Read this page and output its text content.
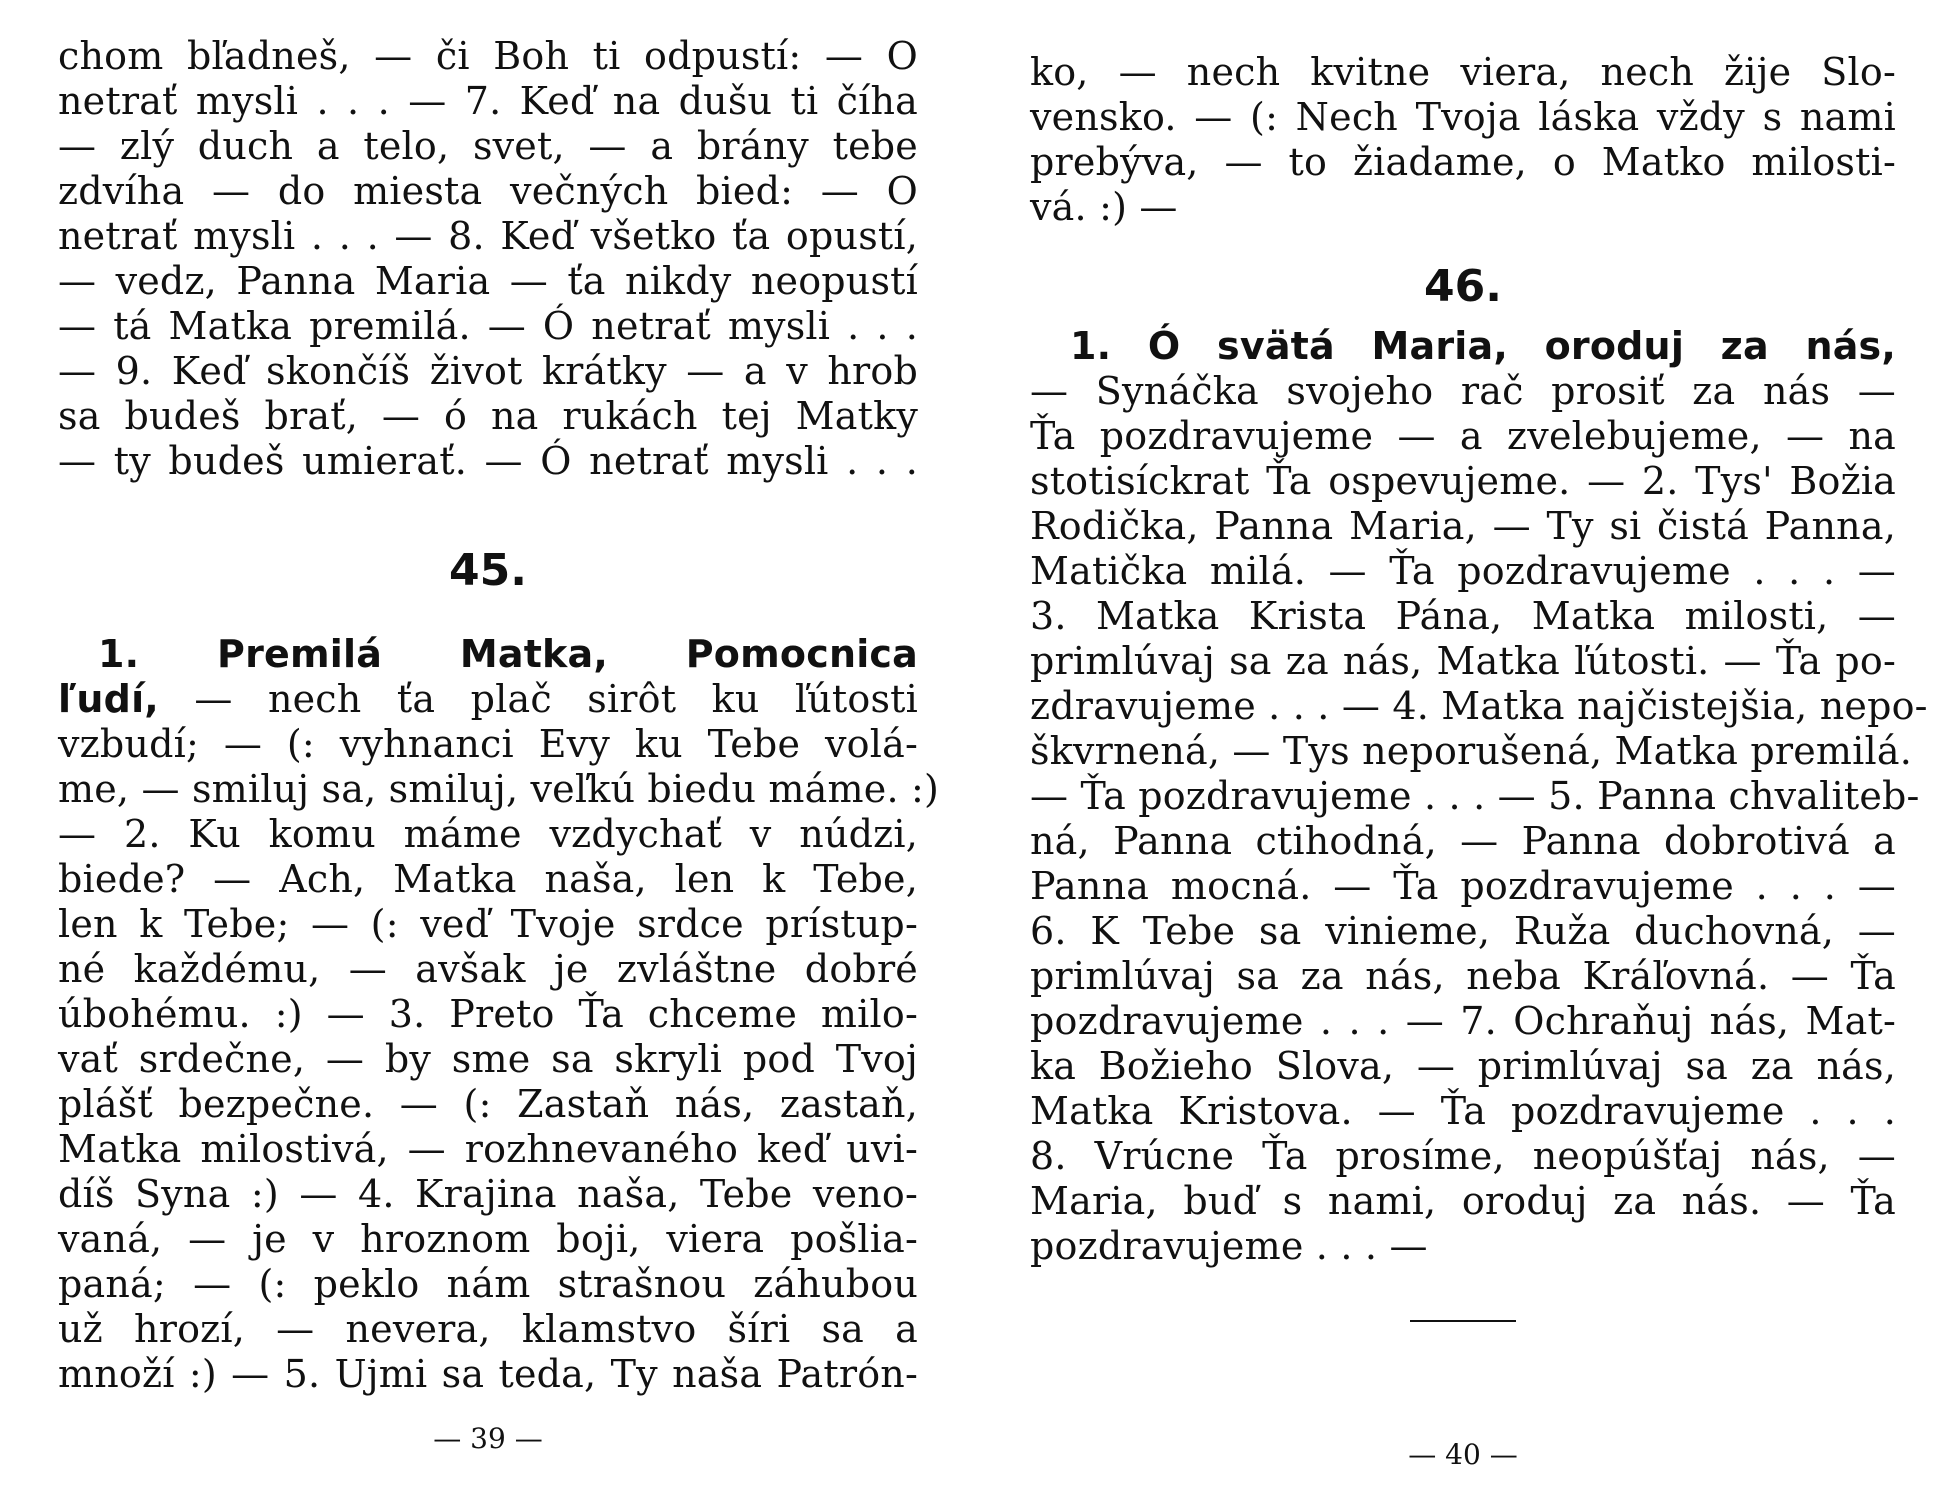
chom bľadneš, — či Boh ti odpustí: — O
netrať mysli . . . — 7. Keď na dušu ti číha
— zlý duch a telo, svet, — a brány tebe
zdvíha — do miesta večných bied: — O
netrať mysli . . . — 8. Keď všetko ťa opustí,
— vedz, Panna Maria — ťa nikdy neopustí
— tá Matka premilá. — Ó netrať mysli . . .
— 9. Keď skončíš život krátky — a v hrob
sa budeš brať, — ó na rukách tej Matky
— ty budeš umierať. — Ó netrať mysli . . .
45.
1. Premilá Matka, Pomocnica
ľudí, — nech ťa plač sirôt ku ľútosti
vzbudí; — (: vyhnanci Evy ku Tebe volá-
me, — smiluj sa, smiluj, veľkú biedu máme. :)
— 2. Ku komu máme vzdychať v núdzi,
biede? — Ach, Matka naša, len k Tebe,
len k Tebe; — (: veď Tvoje srdce prístup-
né každému, — avšak je zvláštne dobré
úbohému. :) — 3. Preto Ťa chceme milo-
vať srdečne, — by sme sa skryli pod Tvoj
plášť bezpečne. — (: Zastaň nás, zastaň,
Matka milostivá, — rozhnevaného keď uvi-
díš Syna :) — 4. Krajina naša, Tebe veno-
vaná, — je v hroznom boji, viera pošlia-
paná; — (: peklo nám strašnou záhubou
už hrozí, — nevera, klamstvo šíri sa a
množí :) — 5. Ujmi sa teda, Ty naša Patrón-
— 39 —
ko, — nech kvitne viera, nech žije Slo-
vensko. — (: Nech Tvoja láska vždy s nami
prebýva, — to žiadame, o Matko milosti-
vá. :) —
46.
1. Ó svätá Maria, oroduj za nás,
— Synáčka svojeho rač prosiť za nás —
Ťa pozdravujeme — a zvelebujeme, — na
stotisíckrat Ťa ospevujeme. — 2. Tys' Božia
Rodička, Panna Maria, — Ty si čistá Panna,
Matička milá. — Ťa pozdravujeme . . . —
3. Matka Krista Pána, Matka milosti, —
primlúvaj sa za nás, Matka ľútosti. — Ťa po-
zdravujeme . . . — 4. Matka najčistejšia, nepo-
škvrnená, — Tys neporušená, Matka premilá.
— Ťa pozdravujeme . . . — 5. Panna chvalitеb-
ná, Panna ctihodná, — Panna dobrotivá a
Panna mocná. — Ťa pozdravujeme . . . —
6. K Tebe sa vinieme, Ruža duchovná, —
primlúvaj sa za nás, neba Kráľovná. — Ťa
pozdravujeme . . . — 7. Ochraňuj nás, Mat-
ka Božieho Slova, — primlúvaj sa za nás,
Matka Kristova. — Ťa pozdravujeme . . .
8. Vrúcne Ťa prosíme, neopúšťaj nás, —
Maria, buď s nami, oroduj za nás. — Ťa
pozdravujeme . . . —
— 40 —
